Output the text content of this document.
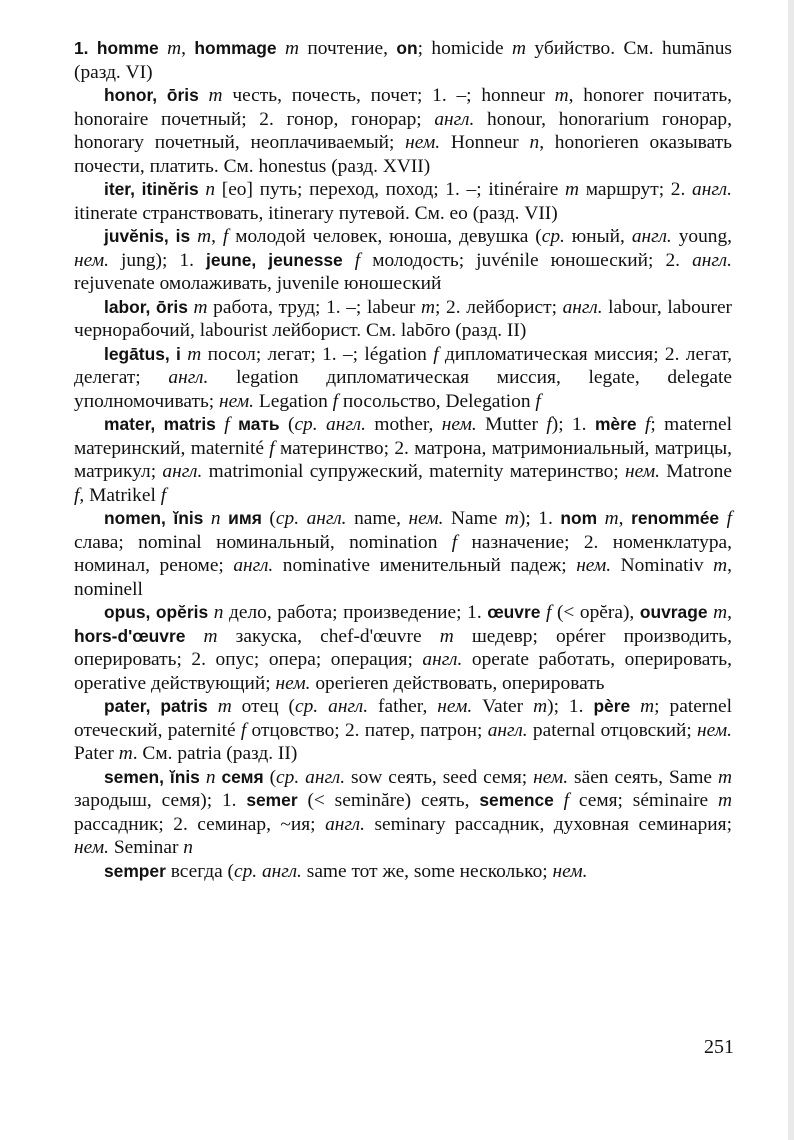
1. homme m, hommage m почтение, on; homicide m убийство. См. humānus (разд. VI)

honor, ōris m честь, почесть, почет; 1. –; honneur m, honorer почитать, honoraire почетный; 2. гонор, гонорар; англ. honour, honorarium гонорар, honorary почетный, неоплачиваемый; нем. Honneur n, honorieren оказывать почести, платить. См. honestus (разд. XVII)

iter, itinĕris n [eo] путь; переход, поход; 1. –; itinéraire m маршрут; 2. англ. itinerate странствовать, itinerary путевой. См. eo (разд. VII)

juvĕnis, is m, f молодой человек, юноша, девушка (ср. юный, англ. young, нем. jung); 1. jeune, jeunesse f молодость; juvénile юношеский; 2. англ. rejuvenate омолаживать, juvenile юношеский

labor, ōris m работа, труд; 1. –; labeur m; 2. лейборист; англ. labour, labourer чернорабочий, labourist лейборист. См. labōro (разд. II)

legātus, i m посол; легат; 1. –; légation f дипломатическая миссия; 2. легат, делегат; англ. legation дипломатическая миссия, legate, delegate уполномочивать; нем. Legation f посольство, Delegation f

mater, matris f мать (ср. англ. mother, нем. Mutter f); 1. mère f; maternel материнский, maternité f материнство; 2. матрона, матримониальный, матрицы, матрикул; англ. matrimonial супружеский, maternity материнство; нем. Matrone f, Matrikel f

nomen, ĭnis n имя (ср. англ. name, нем. Name m); 1. nom m, renommée f слава; nominal номинальный, nomination f назначение; 2. номенклатура, номинал, реноме; англ. nominative именительный падеж; нем. Nominativ m, nominell

opus, opĕris n дело, работа; произведение; 1. œuvre f (< opĕra), ouvrage m, hors-d'œuvre m закуска, chef-d'œuvre m шедевр; opérer производить, оперировать; 2. опус; опера; операция; англ. operate работать, оперировать, operative действующий; нем. operieren действовать, оперировать

pater, patris m отец (ср. англ. father, нем. Vater m); 1. père m; paternel отеческий, paternité f отцовство; 2. патер, патрон; англ. paternal отцовский; нем. Pater m. См. patria (разд. II)

semen, ĭnis n семя (ср. англ. sow сеять, seed семя; нем. säen сеять, Same m зародыш, семя); 1. semer (< seminăre) сеять, semence f семя; séminaire m рассадник; 2. семинар, ~ия; англ. seminary рассадник, духовная семинария; нем. Seminar n

semper всегда (ср. англ. same тот же, some несколько; нем.

251
